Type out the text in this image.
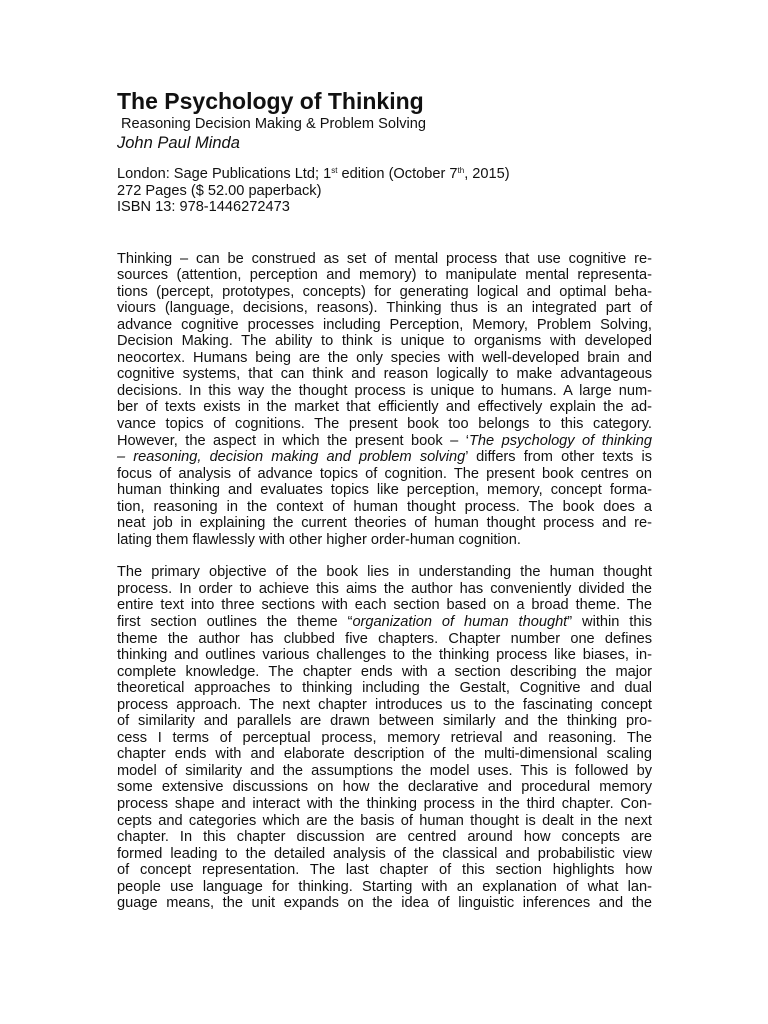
The Psychology of Thinking

Reasoning Decision Making & Problem Solving

John Paul Minda

London: Sage Publications Ltd; 1st edition (October 7th, 2015)
272 Pages ($ 52.00 paperback)
ISBN 13: 978-1446272473
Thinking – can be construed as set of mental process that use cognitive re-
sources (attention, perception and memory) to manipulate mental representa-
tions (percept, prototypes, concepts) for generating logical and optimal beha-
viours (language, decisions, reasons). Thinking thus is an integrated part of
advance cognitive processes including Perception, Memory, Problem Solving,
Decision Making. The ability to think is unique to organisms with developed
neocortex. Humans being are the only species with well-developed brain and
cognitive systems, that can think and reason logically to make advantageous
decisions. In this way the thought process is unique to humans. A large num-
ber of texts exists in the market that efficiently and effectively explain the ad-
vance topics of cognitions. The present book too belongs to this category.
However, the aspect in which the present book – ‘The psychology of thinking
– reasoning, decision making and problem solving’ differs from other texts is
focus of analysis of advance topics of cognition. The present book centres on
human thinking and evaluates topics like perception, memory, concept forma-
tion, reasoning in the context of human thought process. The book does a
neat job in explaining the current theories of human thought process and re-
lating them flawlessly with other higher order-human cognition.
The primary objective of the book lies in understanding the human thought
process. In order to achieve this aims the author has conveniently divided the
entire text into three sections with each section based on a broad theme. The
first section outlines the theme “organization of human thought” within this
theme the author has clubbed five chapters. Chapter number one defines
thinking and outlines various challenges to the thinking process like biases, in-
complete knowledge. The chapter ends with a section describing the major
theoretical approaches to thinking including the Gestalt, Cognitive and dual
process approach. The next chapter introduces us to the fascinating concept
of similarity and parallels are drawn between similarly and the thinking pro-
cess I terms of perceptual process, memory retrieval and reasoning. The
chapter ends with and elaborate description of the multi-dimensional scaling
model of similarity and the assumptions the model uses. This is followed by
some extensive discussions on how the declarative and procedural memory
process shape and interact with the thinking process in the third chapter. Con-
cepts and categories which are the basis of human thought is dealt in the next
chapter. In this chapter discussion are centred around how concepts are
formed leading to the detailed analysis of the classical and probabilistic view
of concept representation. The last chapter of this section highlights how
people use language for thinking. Starting with an explanation of what lan-
guage means, the unit expands on the idea of linguistic inferences and the
